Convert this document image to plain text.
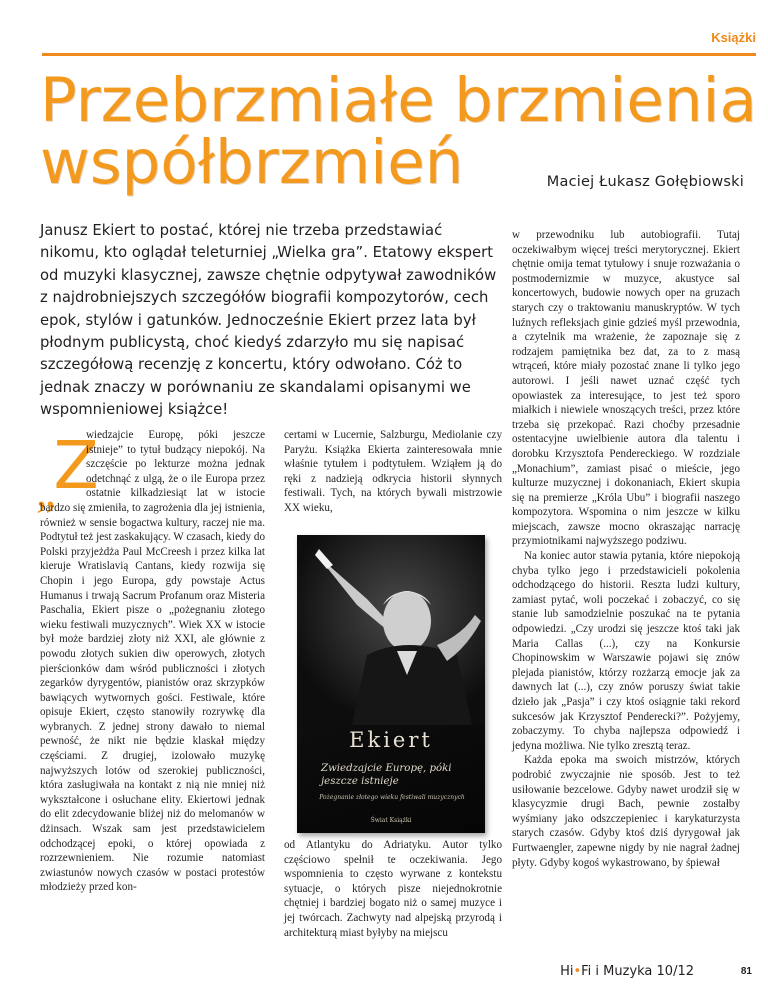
Książki
Przebrzmiałe brzmienia
współbrzmień	Maciej Łukasz Gołębiowski

Janusz Ekiert to postać, której nie trzeba przedstawiać nikomu, kto oglądał teleturniej „Wielka gra”. Etatowy ekspert od muzyki klasycznej, zawsze chętnie odpytywał zawodników z najdrobniejszych szczegółów biografii kompozytorów, cech epok, stylów i gatunków. Jednocześnie Ekiert przez lata był płodnym publicystą, choć kiedyś zdarzyło mu się napisać szczegółową recenzję z koncertu, który odwołano. Cóż to jednak znaczy w porównaniu ze skandalami opisanymi we wspomnieniowej książce!

$_„$Z

wiedzajcie Europę, póki jeszcze istnieje” to tytuł budzący niepokój. Na szczęście po lekturze można jednak odetchnąć z ulgą, że o ile Europa przez ostatnie kilkadziesiąt lat w istocie bardzo się zmieniła, to zagrożenia dla jej istnienia, również w sensie bogactwa kultury, raczej nie ma. Podtytuł też jest zaskakujący. W czasach, kiedy do Polski przyjeżdża Paul McCreesh i przez kilka lat kieruje Wratislavią Cantans, kiedy rozwija się Chopin i jego Europa, gdy powstaje Actus Humanus i trwają Sacrum Profanum oraz Misteria Paschalia, Ekiert pisze o „pożegnaniu złotego wieku festiwali muzycznych”. Wiek XX w istocie był może bardziej złoty niż XXI, ale głównie z powodu złotych sukien diw operowych, złotych pierścionków dam wśród publiczności i złotych zegarków dyrygentów, pianistów oraz skrzypków bawiących wytwornych gości. Festiwale, które opisuje Ekiert, często stanowiły rozrywkę dla wybranych. Z jednej strony dawało to niemal pewność, że nikt nie będzie klaskał między częściami. Z drugiej, izolowało muzykę najwyższych lotów od szerokiej publiczności, która zasługiwała na kontakt z nią nie mniej niż wykształcone i osłuchane elity. Ekiertowi jednak do elit zdecydowanie bliżej niż do melomanów w dżinsach. Wszak sam jest przedstawicielem odchodzącej epoki, o której opowiada z rozrzewnieniem. Nie rozumie natomiast zwiastunów nowych czasów w postaci protestów młodzieży przed kon-

certami w Lucernie, Salzburgu, Mediolanie czy Paryżu. Książka Ekierta zainteresowała mnie właśnie tytułem i podtytułem. Wziąłem ją do ręki z nadzieją odkrycia historii słynnych festiwali. Tych, na których bywali mistrzowie XX wieku,

Ekiert
Zwiedzajcie Europę, póki jeszcze istnieje
Pożegnanie złotego wieku festiwali muzycznych
Świat Książki

od Atlantyku do Adriatyku. Autor tylko częściowo spełnił te oczekiwania. Jego wspomnienia to często wyrwane z kontekstu sytuacje, o których pisze niejednokrotnie chętniej i bardziej bogato niż o samej muzyce i jej twórcach. Zachwyty nad alpejską przyrodą i architekturą miast byłyby na miejscu

w przewodniku lub autobiografii. Tutaj oczekiwałbym więcej treści merytorycznej. Ekiert chętnie omija temat tytułowy i snuje rozważania o postmodernizmie w muzyce, akustyce sal koncertowych, budowie nowych oper na gruzach starych czy o traktowaniu manuskryptów. W tych luźnych refleksjach ginie gdzieś myśl przewodnia, a czytelnik ma wrażenie, że zapoznaje się z rodzajem pamiętnika bez dat, za to z masą wtrąceń, które miały pozostać znane li tylko jego autorowi. I jeśli nawet uznać część tych opowiastek za interesujące, to jest też sporo miałkich i niewiele wnoszących treści, przez które trzeba się przekopać. Razi choćby przesadnie ostentacyjne uwielbienie autora dla talentu i dorobku Krzysztofa Pendereckiego. W rozdziale „Monachium”, zamiast pisać o mieście, jego kulturze muzycznej i dokonaniach, Ekiert skupia się na premierze „Króla Ubu” i biografii naszego kompozytora. Wspomina o nim jeszcze w kilku miejscach, zawsze mocno okraszając narrację przymiotnikami najwyższego podziwu.

Na koniec autor stawia pytania, które niepokoją chyba tylko jego i przedstawicieli pokolenia odchodzącego do historii. Reszta ludzi kultury, zamiast pytać, woli poczekać i zobaczyć, co się stanie lub samodzielnie poszukać na te pytania odpowiedzi. „Czy urodzi się jeszcze ktoś taki jak Maria Callas (...), czy na Konkursie Chopinowskim w Warszawie pojawi się znów plejada pianistów, którzy rozżarzą emocje jak za dawnych lat (...), czy znów poruszy świat takie dzieło jak „Pasja” i czy ktoś osiągnie taki rekord sukcesów jak Krzysztof Penderecki?”. Pożyjemy, zobaczymy. To chyba najlepsza odpowiedź i jedyna możliwa. Nie tylko zresztą teraz.

Każda epoka ma swoich mistrzów, których podrobić zwyczajnie nie sposób. Jest to też usiłowanie bezcelowe. Gdyby nawet urodził się w klasycyzmie drugi Bach, pewnie zostałby wyśmiany jako odszczepieniec i karykaturzysta starych czasów. Gdyby ktoś dziś dyrygował jak Furtwaengler, zapewne nigdy by nie nagrał żadnej płyty. Gdyby kogoś wykastrowano, by śpiewał

Hi•Fi i Muzyka 10/12	81
